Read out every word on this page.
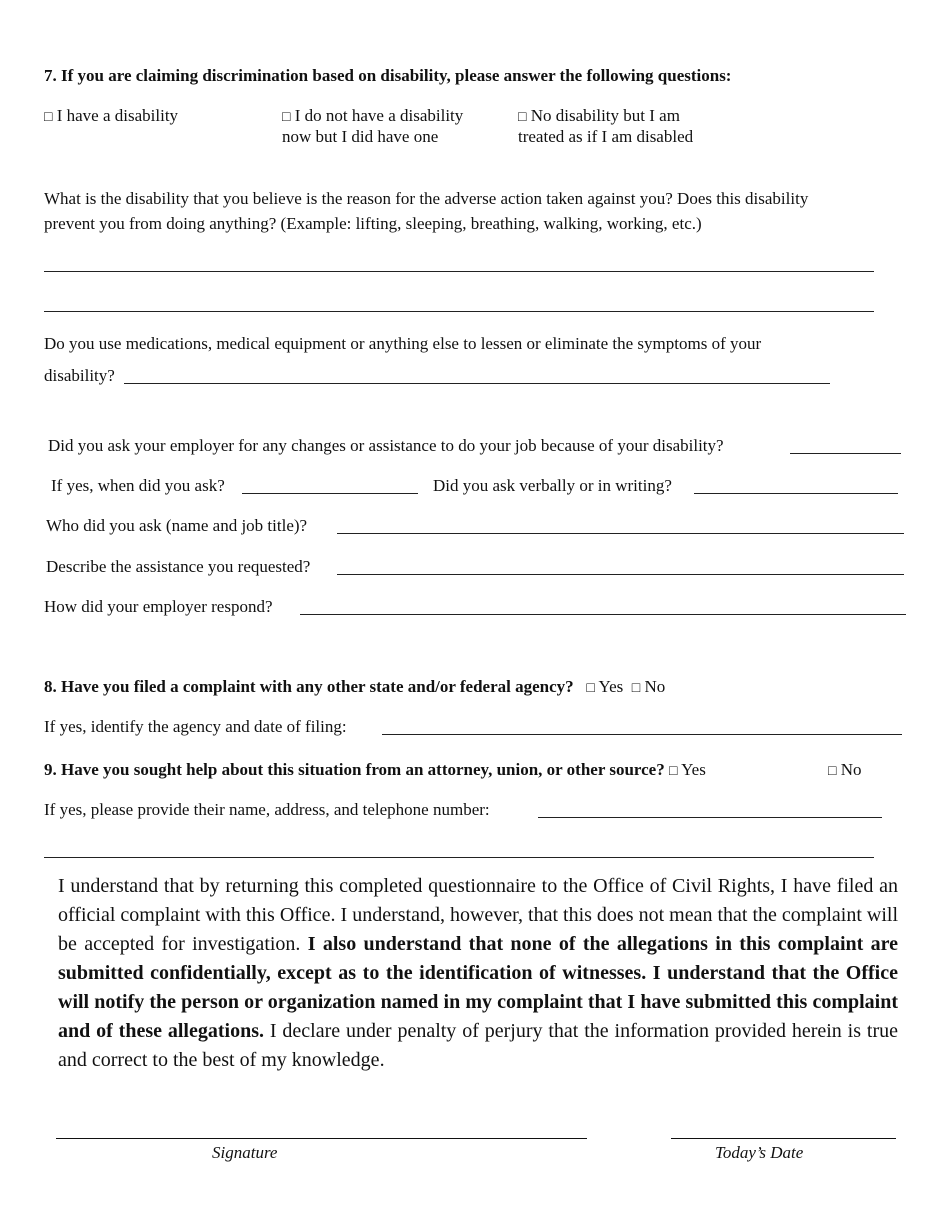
7. If you are claiming discrimination based on disability, please answer the following questions:
□ I have a disability	□ I do not have a disability
now but I did have one
□ No disability but I am
treated as if I am disabled
What is the disability that you believe is the reason for the adverse action taken against you? Does this disability
prevent you from doing anything? (Example: lifting, sleeping, breathing, walking, working, etc.)
Do you use medications, medical equipment or anything else to lessen or eliminate the symptoms of your
disability?
Did you ask your employer for any changes or assistance to do your job because of your disability?
If yes, when did you ask?	Did you ask verbally or in writing?
Who did you ask (name and job title)?
Describe the assistance you requested?
How did your employer respond?
8. Have you filed a complaint with any other state and/or federal agency? □ Yes □ No
If yes, identify the agency and date of filing:
9. Have you sought help about this situation from an attorney, union, or other source? □ Yes	□ No
If yes, please provide their name, address, and telephone number:
I understand that by returning this completed questionnaire to the Office of Civil Rights, I have filed an official complaint with this Office. I understand, however, that this does not mean that the complaint will be accepted for investigation. I also understand that none of the allegations in this complaint are submitted confidentially, except as to the identification of witnesses. I understand that the Office will notify the person or organization named in my complaint that I have submitted this complaint and of these allegations. I declare under penalty of perjury that the information provided herein is true and correct to the best of my knowledge.
Signature	Today’s Date
